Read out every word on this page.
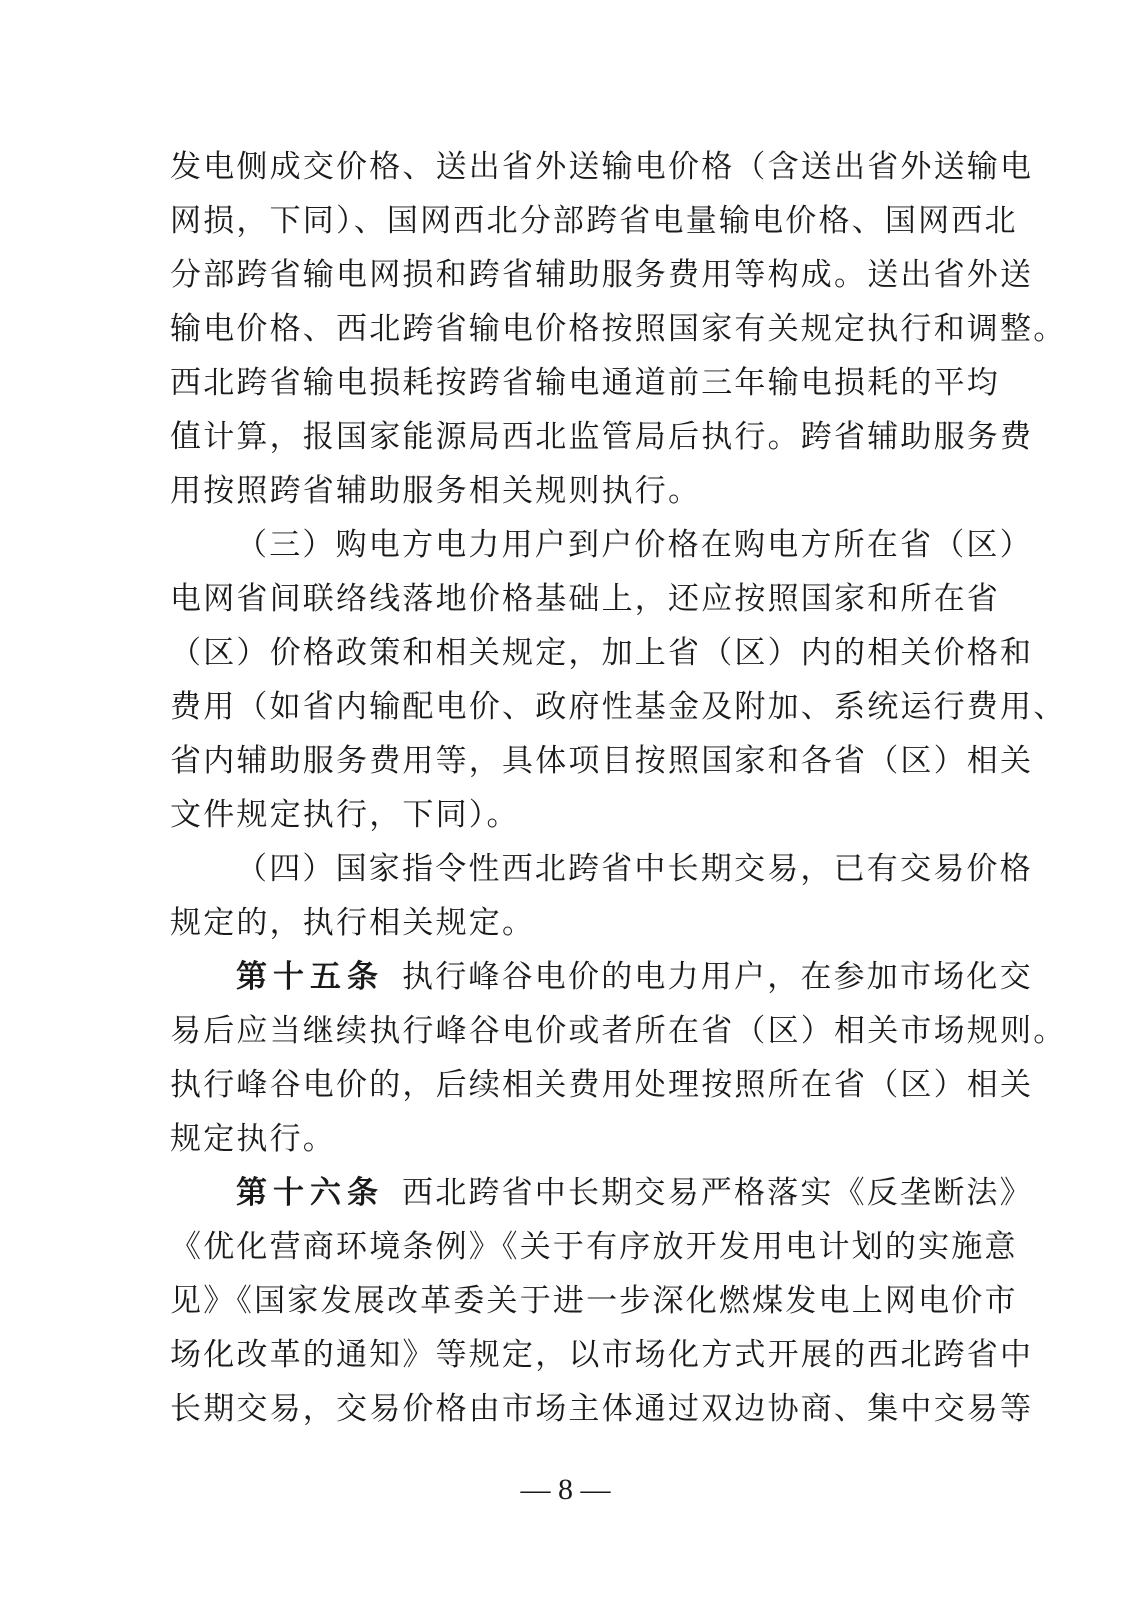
发电侧成交价格、送出省外送输电价格（含送出省外送输电
网损，下同）、国网西北分部跨省电量输电价格、国网西北
分部跨省输电网损和跨省辅助服务费用等构成。送出省外送
输电价格、西北跨省输电价格按照国家有关规定执行和调整。
西北跨省输电损耗按跨省输电通道前三年输电损耗的平均
值计算，报国家能源局西北监管局后执行。跨省辅助服务费
用按照跨省辅助服务相关规则执行。

（三）购电方电力用户到户价格在购电方所在省（区）
电网省间联络线落地价格基础上，还应按照国家和所在省
（区）价格政策和相关规定，加上省（区）内的相关价格和
费用（如省内输配电价、政府性基金及附加、系统运行费用、
省内辅助服务费用等，具体项目按照国家和各省（区）相关
文件规定执行，下同）。

（四）国家指令性西北跨省中长期交易，已有交易价格
规定的，执行相关规定。

第十五条 执行峰谷电价的电力用户，在参加市场化交
易后应当继续执行峰谷电价或者所在省（区）相关市场规则。
执行峰谷电价的，后续相关费用处理按照所在省（区）相关
规定执行。

第十六条 西北跨省中长期交易严格落实《反垄断法》
《优化营商环境条例》《关于有序放开发用电计划的实施意
见》《国家发展改革委关于进一步深化燃煤发电上网电价市
场化改革的通知》等规定，以市场化方式开展的西北跨省中
长期交易，交易价格由市场主体通过双边协商、集中交易等

— 8 —
